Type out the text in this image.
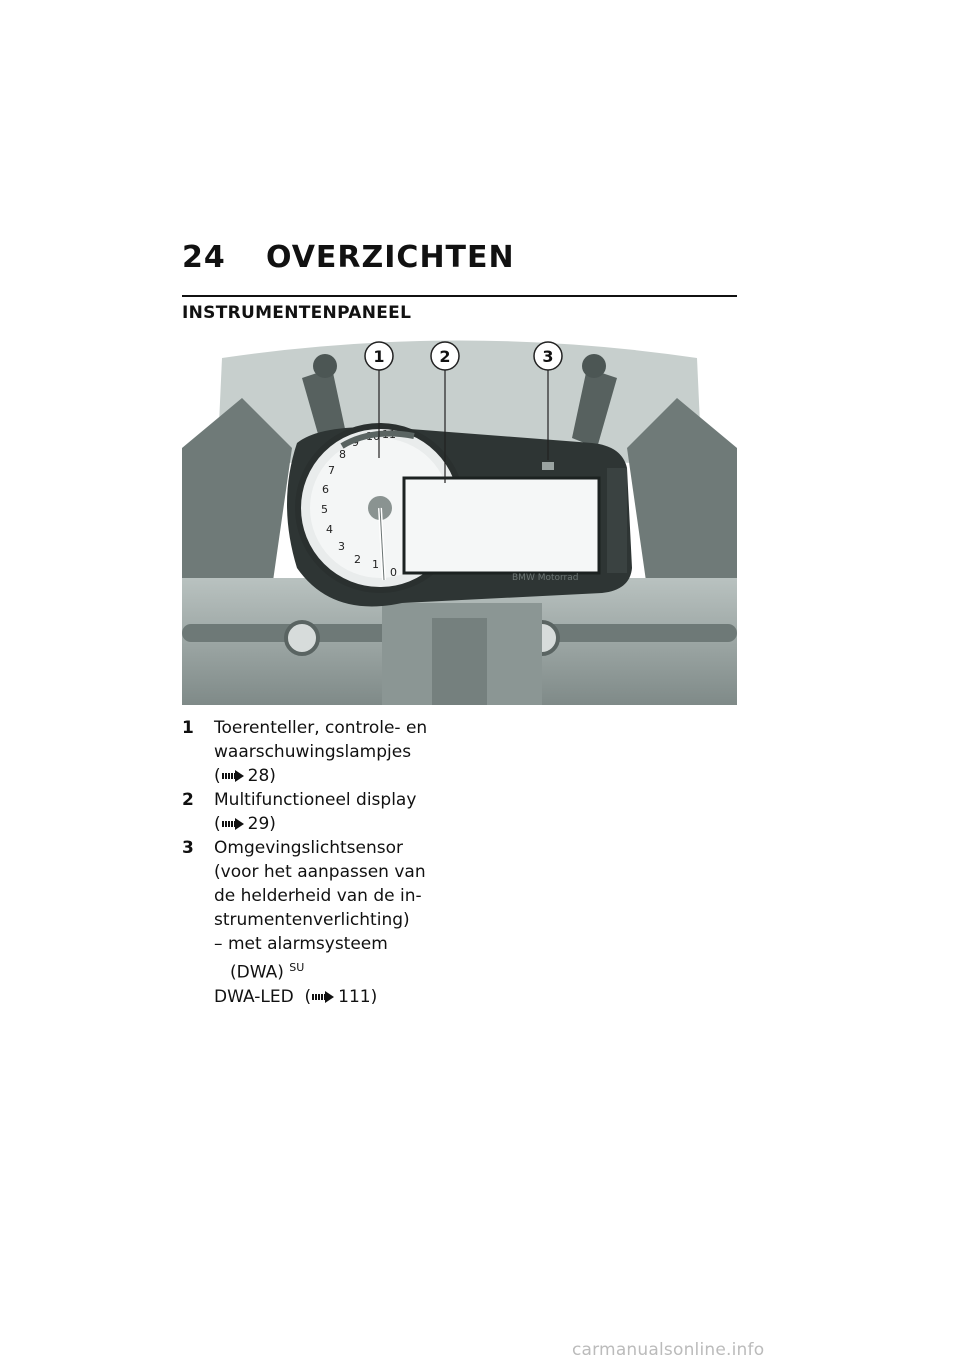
24 OVERZICHTEN
INSTRUMENTENPANEEL
1
2
3
4
5
6
7
8
9 10 11
0	BMW Motorrad
1	2	3
1	Toerenteller, controle- en waarschuwingslampjes
( 28)
2	Multifunctioneel display
( 29)
3	Omgevingslichtsensor (voor het aanpassen van de helderheid van de in-strumentenverlichting)
– met alarmsysteem
(DWA) $^{SU}$
DWA-LED ( 111)
carmanualsonline.info
